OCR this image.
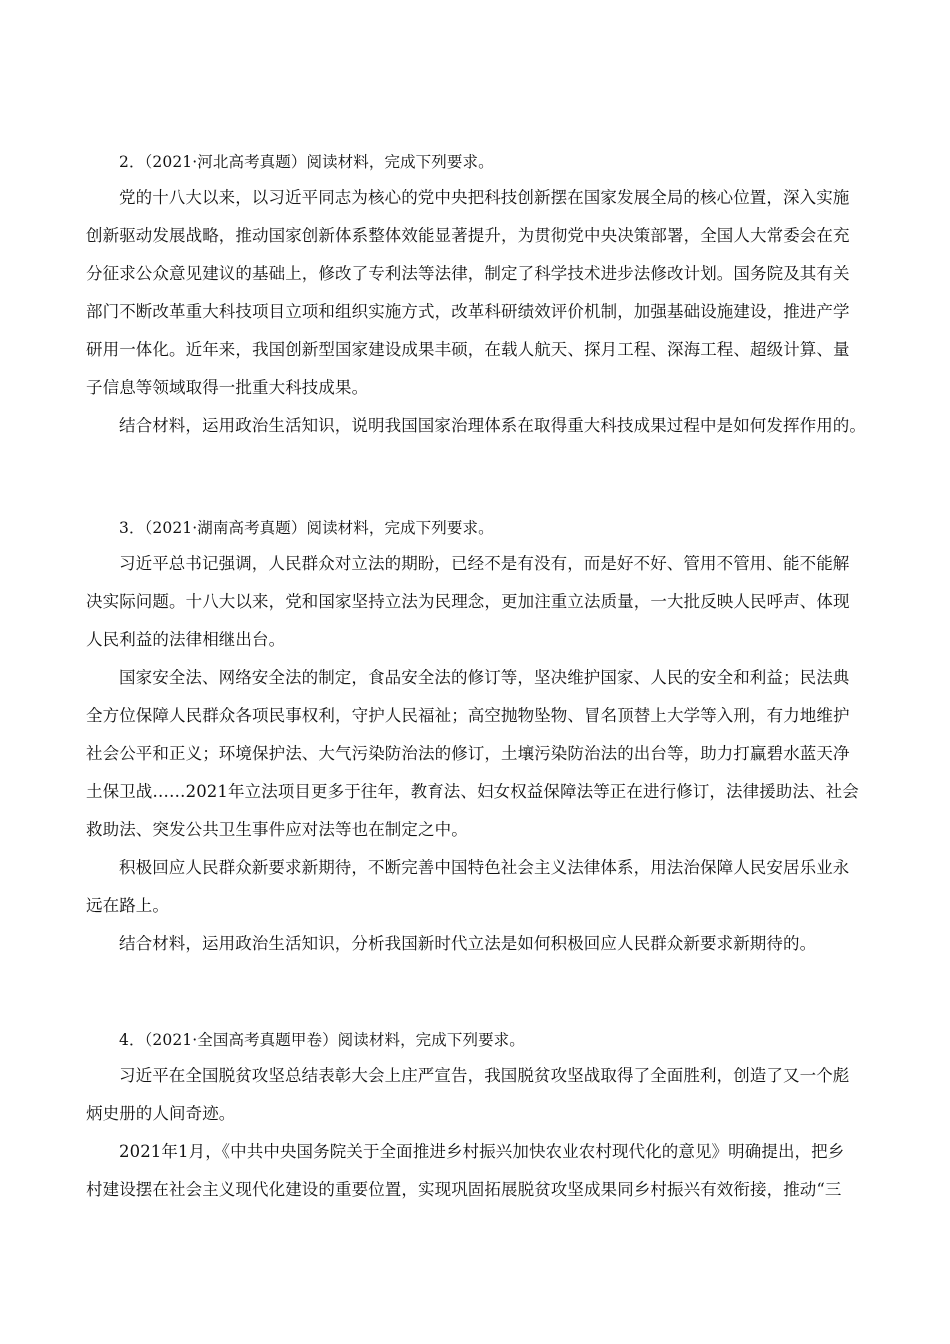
2．（2021·河北高考真题）阅读材料，完成下列要求。
党的十八大以来，以习近平同志为核心的党中央把科技创新摆在国家发展全局的核心位置，深入实施
创新驱动发展战略，推动国家创新体系整体效能显著提升，为贯彻党中央决策部署，全国人大常委会在充
分征求公众意见建议的基础上，修改了专利法等法律，制定了科学技术进步法修改计划。国务院及其有关
部门不断改革重大科技项目立项和组织实施方式，改革科研绩效评价机制，加强基础设施建设，推进产学
研用一体化。近年来，我国创新型国家建设成果丰硕，在载人航天、探月工程、深海工程、超级计算、量
子信息等领域取得一批重大科技成果。
结合材料，运用政治生活知识，说明我国国家治理体系在取得重大科技成果过程中是如何发挥作用的。
3．（2021·湖南高考真题）阅读材料，完成下列要求。
习近平总书记强调，人民群众对立法的期盼，已经不是有没有，而是好不好、管用不管用、能不能解
决实际问题。十八大以来，党和国家坚持立法为民理念，更加注重立法质量，一大批反映人民呼声、体现
人民利益的法律相继出台。
国家安全法、网络安全法的制定，食品安全法的修订等，坚决维护国家、人民的安全和利益；民法典
全方位保障人民群众各项民事权利，守护人民福祉；高空抛物坠物、冒名顶替上大学等入刑，有力地维护
社会公平和正义；环境保护法、大气污染防治法的修订，土壤污染防治法的出台等，助力打赢碧水蓝天净
土保卫战……2021年立法项目更多于往年，教育法、妇女权益保障法等正在进行修订，法律援助法、社会
救助法、突发公共卫生事件应对法等也在制定之中。
积极回应人民群众新要求新期待，不断完善中国特色社会主义法律体系，用法治保障人民安居乐业永
远在路上。
结合材料，运用政治生活知识，分析我国新时代立法是如何积极回应人民群众新要求新期待的。
4．（2021·全国高考真题甲卷）阅读材料，完成下列要求。
习近平在全国脱贫攻坚总结表彰大会上庄严宣告，我国脱贫攻坚战取得了全面胜利，创造了又一个彪
炳史册的人间奇迹。
2021年1月，《中共中央国务院关于全面推进乡村振兴加快农业农村现代化的意见》明确提出，把乡
村建设摆在社会主义现代化建设的重要位置，实现巩固拓展脱贫攻坚成果同乡村振兴有效衔接，推动“三
